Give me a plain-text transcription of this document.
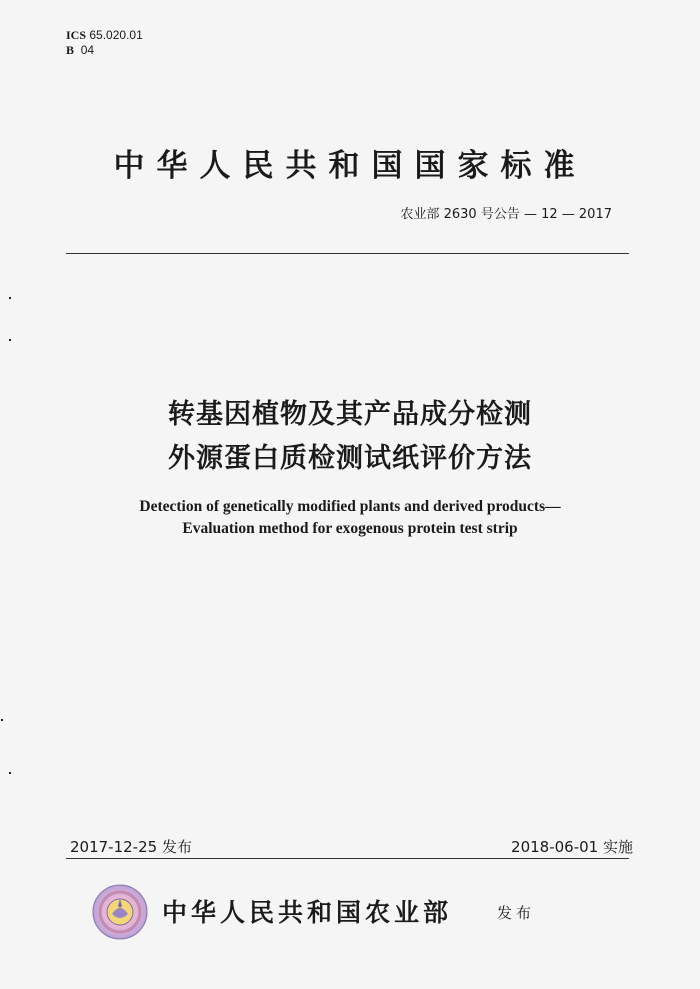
ICS 65.020.01
B 04
中华人民共和国国家标准
农业部 2630 号公告 — 12 — 2017
转基因植物及其产品成分检测
外源蛋白质检测试纸评价方法
Detection of genetically modified plants and derived products—
Evaluation method for exogenous protein test strip
2017-12-25 发布	2018-06-01 实施
中华人民共和国农业部	发布
